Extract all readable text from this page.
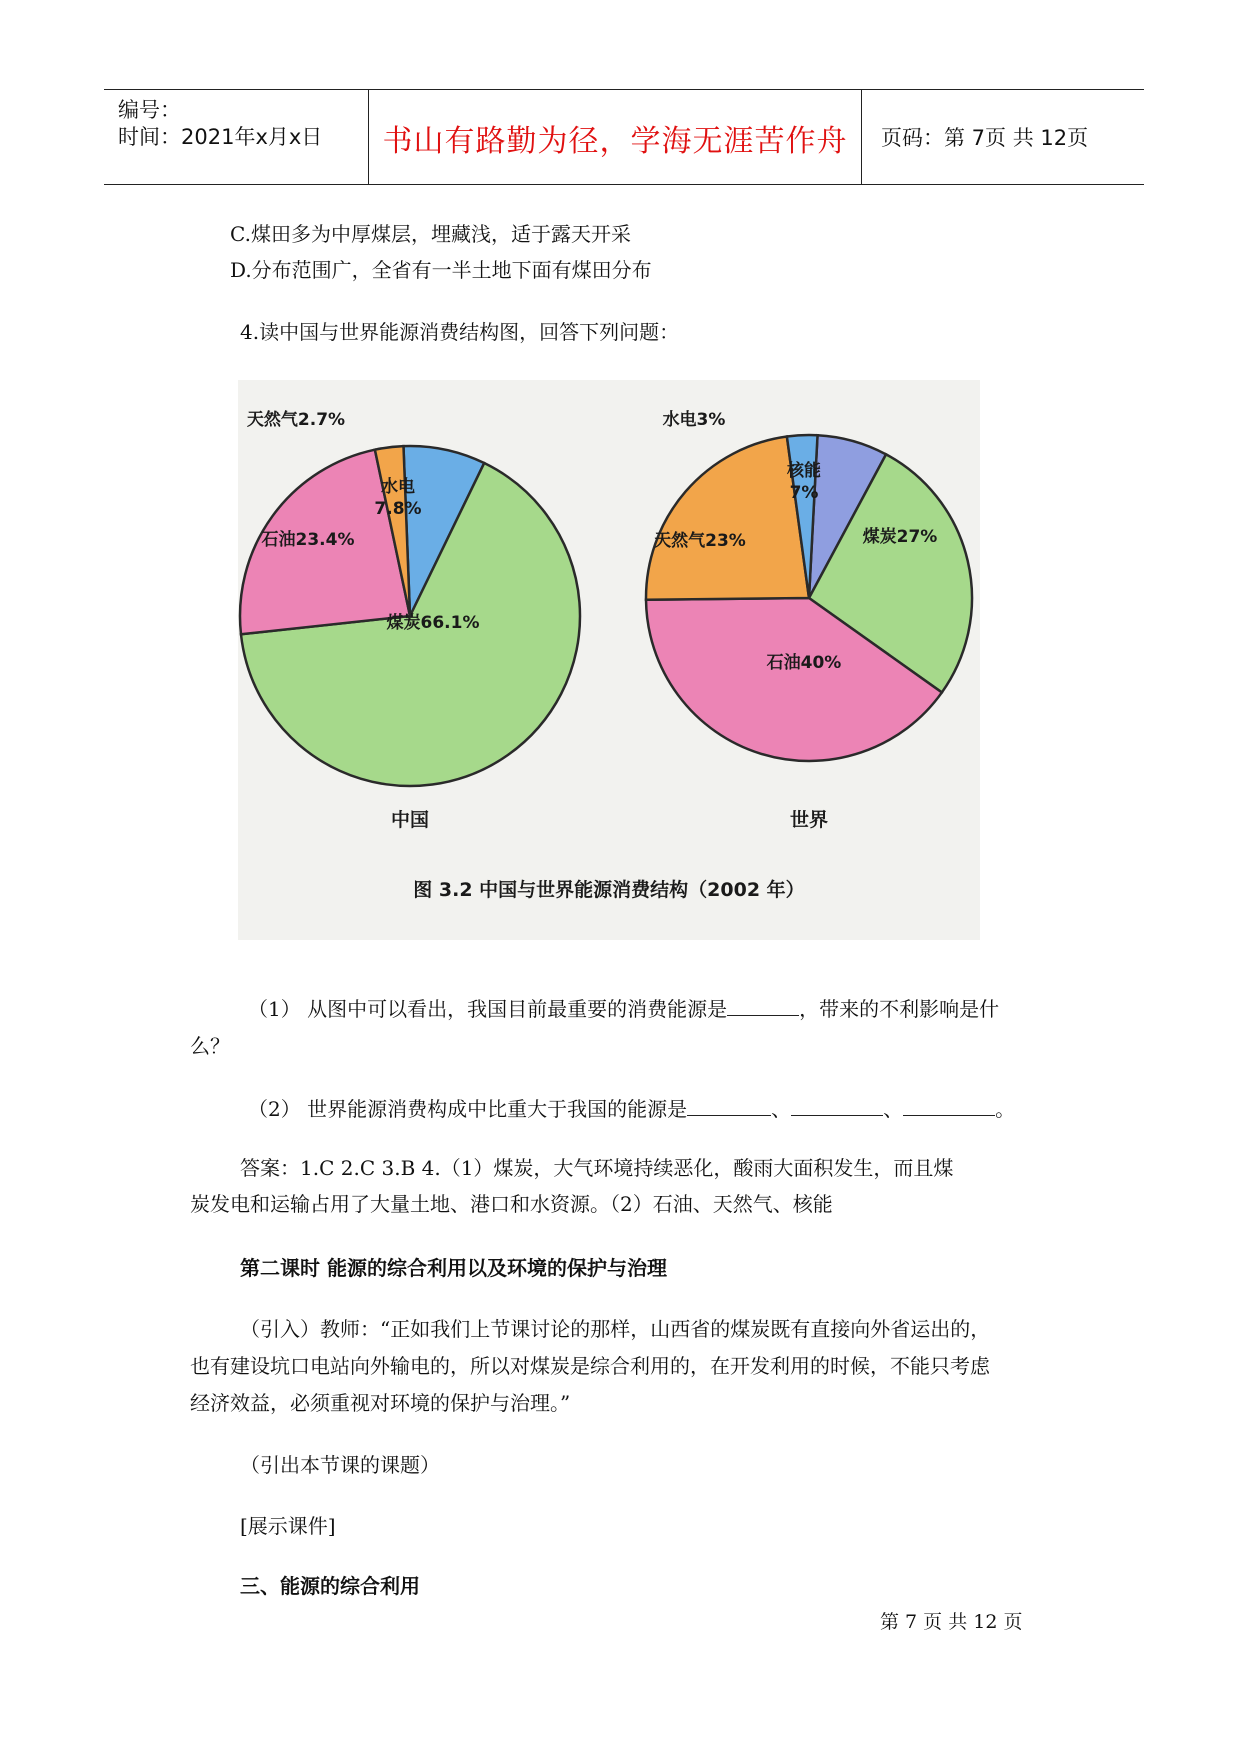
编号：
时间：2021年x月x日	书山有路勤为径，学海无涯苦作舟	页码：第 7页 共 12页
C.煤田多为中厚煤层，埋藏浅，适于露天开采
D.分布范围广，全省有一半土地下面有煤田分布
4.读中国与世界能源消费结构图，回答下列问题：
水电 7.8%
煤炭66.1%
石油23.4%
天然气2.7%
中国
核能 7%
煤炭27%
石油40%
天然气23%
水电3%
世界
图 3.2 中国与世界能源消费结构（2002 年）
（1） 从图中可以看出，我国目前最重要的消费能源是	，带来的不利影响是什
么？
（2） 世界能源消费构成中比重大于我国的能源是	、	、	。
答案：1.C 2.C 3.B 4.（1）煤炭，大气环境持续恶化，酸雨大面积发生，而且煤
炭发电和运输占用了大量土地、港口和水资源。（2）石油、天然气、核能
第二课时 能源的综合利用以及环境的保护与治理
（引入）教师：“正如我们上节课讨论的那样，山西省的煤炭既有直接向外省运出的，
也有建设坑口电站向外输电的，所以对煤炭是综合利用的，在开发利用的时候，不能只考虑
经济效益，必须重视对环境的保护与治理。”
（引出本节课的课题）
[展示课件]
三、能源的综合利用
第 7 页 共 12 页
